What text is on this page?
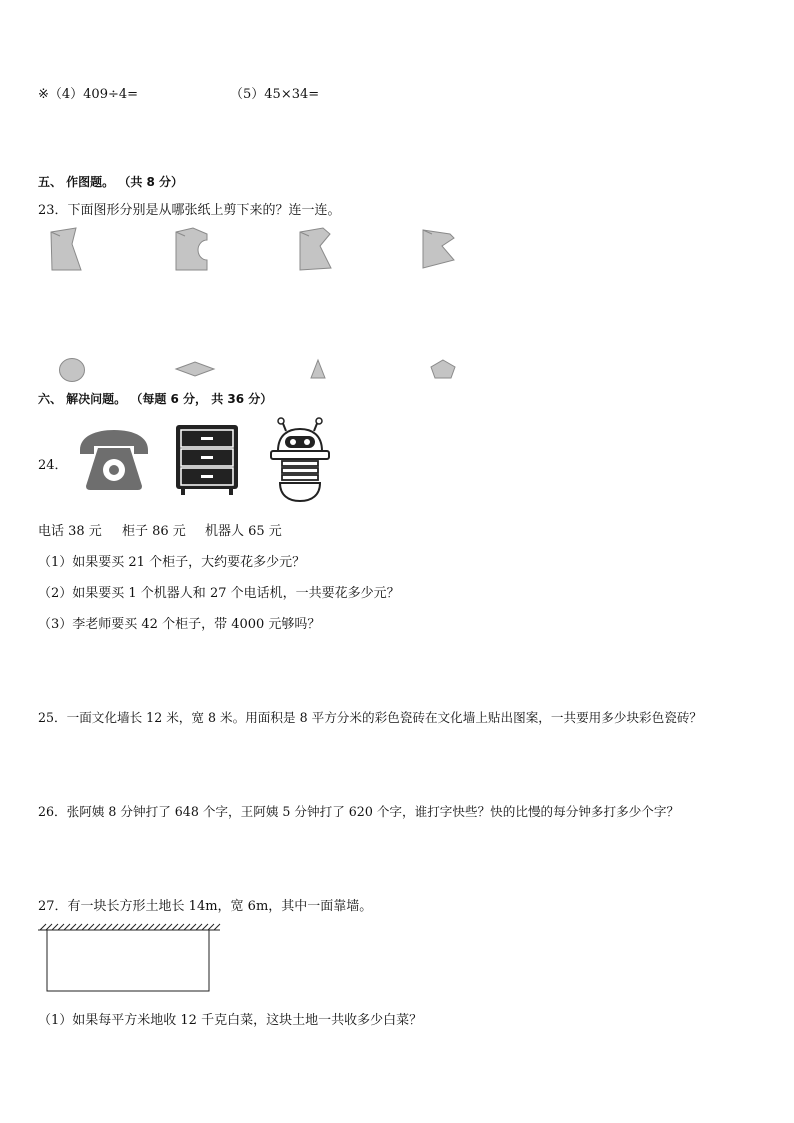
※（4）409÷4=	（5）45×34=
五、 作图题。 （共 8 分）
23．下面图形分别是从哪张纸上剪下来的？连一连。
六、 解决问题。 （每题 6 分， 共 36 分）
24．
电话 38 元 柜子 86 元 机器人 65 元
（1）如果要买 21 个柜子，大约要花多少元？
（2）如果要买 1 个机器人和 27 个电话机，一共要花多少元？
（3）李老师要买 42 个柜子，带 4000 元够吗？
25．一面文化墙长 12 米，宽 8 米。用面积是 8 平方分米的彩色瓷砖在文化墙上贴出图案，一共要用多少块彩色瓷砖？
26．张阿姨 8 分钟打了 648 个字，王阿姨 5 分钟打了 620 个字，谁打字快些？快的比慢的每分钟多打多少个字？
27．有一块长方形土地长 14m，宽 6m，其中一面靠墙。
（1）如果每平方米地收 12 千克白菜，这块土地一共收多少白菜？
